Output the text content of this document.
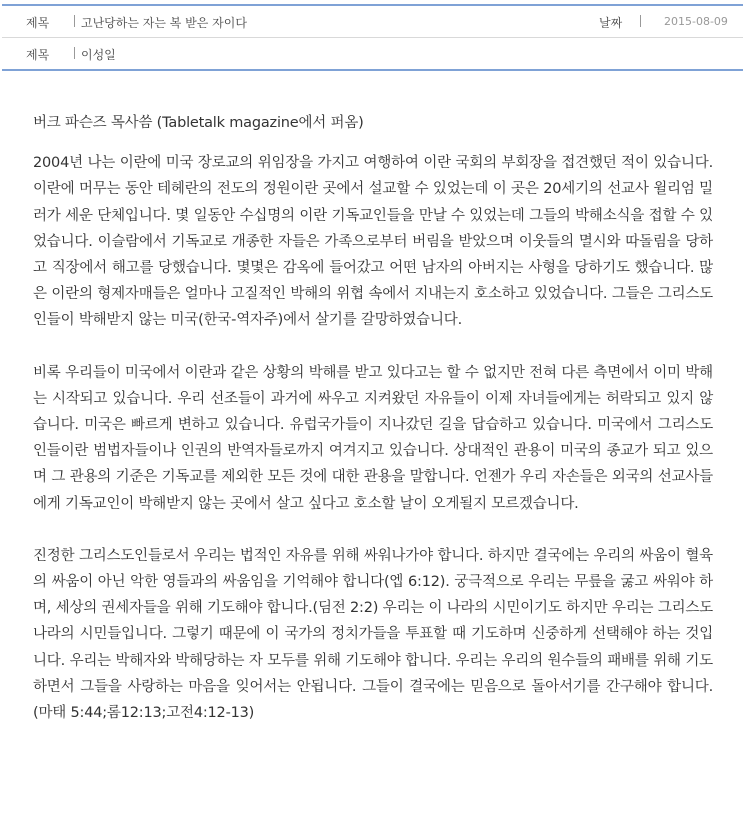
제목	고난당하는 자는 복 받은 자이다	날짜	2015-08-09
제목	이성일

버크 파슨즈 목사씀 (Tabletalk magazine에서 퍼옴)

2004년 나는 이란에 미국 장로교의 위임장을 가지고 여행하여 이란 국회의 부회장을 접견했던 적이 있습니다. 이란에 머무는 동안 테헤란의 전도의 정원이란 곳에서 설교할 수 있었는데 이 곳은 20세기의 선교사 윌리엄 밀러가 세운 단체입니다. 몇 일동안 수십명의 이란 기독교인들을 만날 수 있었는데 그들의 박해소식을 접할 수 있었습니다. 이슬람에서 기독교로 개종한 자들은 가족으로부터 버림을 받았으며 이웃들의 멸시와 따돌림을 당하고 직장에서 해고를 당했습니다. 몇몇은 감옥에 들어갔고 어떤 남자의 아버지는 사형을 당하기도 했습니다. 많은 이란의 형제자매들은 얼마나 고질적인 박해의 위협 속에서 지내는지 호소하고 있었습니다. 그들은 그리스도인들이 박해받지 않는 미국(한국-역자주)에서 살기를 갈망하였습니다.

비록 우리들이 미국에서 이란과 같은 상황의 박해를 받고 있다고는 할 수 없지만 전혀 다른 측면에서 이미 박해는 시작되고 있습니다. 우리 선조들이 과거에 싸우고 지켜왔던 자유들이 이제 자녀들에게는 허락되고 있지 않습니다. 미국은 빠르게 변하고 있습니다. 유럽국가들이 지나갔던 길을 답습하고 있습니다. 미국에서 그리스도인들이란 범법자들이나 인권의 반역자들로까지 여겨지고 있습니다. 상대적인 관용이 미국의 종교가 되고 있으며 그 관용의 기준은 기독교를 제외한 모든 것에 대한 관용을 말합니다. 언젠가 우리 자손들은 외국의 선교사들에게 기독교인이 박해받지 않는 곳에서 살고 싶다고 호소할 날이 오게될지 모르겠습니다.

진정한 그리스도인들로서 우리는 법적인 자유를 위해 싸워나가야 합니다. 하지만 결국에는 우리의 싸움이 혈육의 싸움이 아닌 악한 영들과의 싸움임을 기억해야 합니다(엡 6:12). 궁극적으로 우리는 무릎을 굻고 싸워야 하며, 세상의 권세자들을 위해 기도해야 합니다.(딤전 2:2) 우리는 이 나라의 시민이기도 하지만 우리는 그리스도 나라의 시민들입니다. 그렇기 때문에 이 국가의 정치가들을 투표할 때 기도하며 신중하게 선택해야 하는 것입니다. 우리는 박해자와 박해당하는 자 모두를 위해 기도해야 합니다. 우리는 우리의 원수들의 패배를 위해 기도하면서 그들을 사랑하는 마음을 잊어서는 안됩니다. 그들이 결국에는 믿음으로 돌아서기를 간구해야 합니다. (마태 5:44;롬12:13;고전4:12-13)
